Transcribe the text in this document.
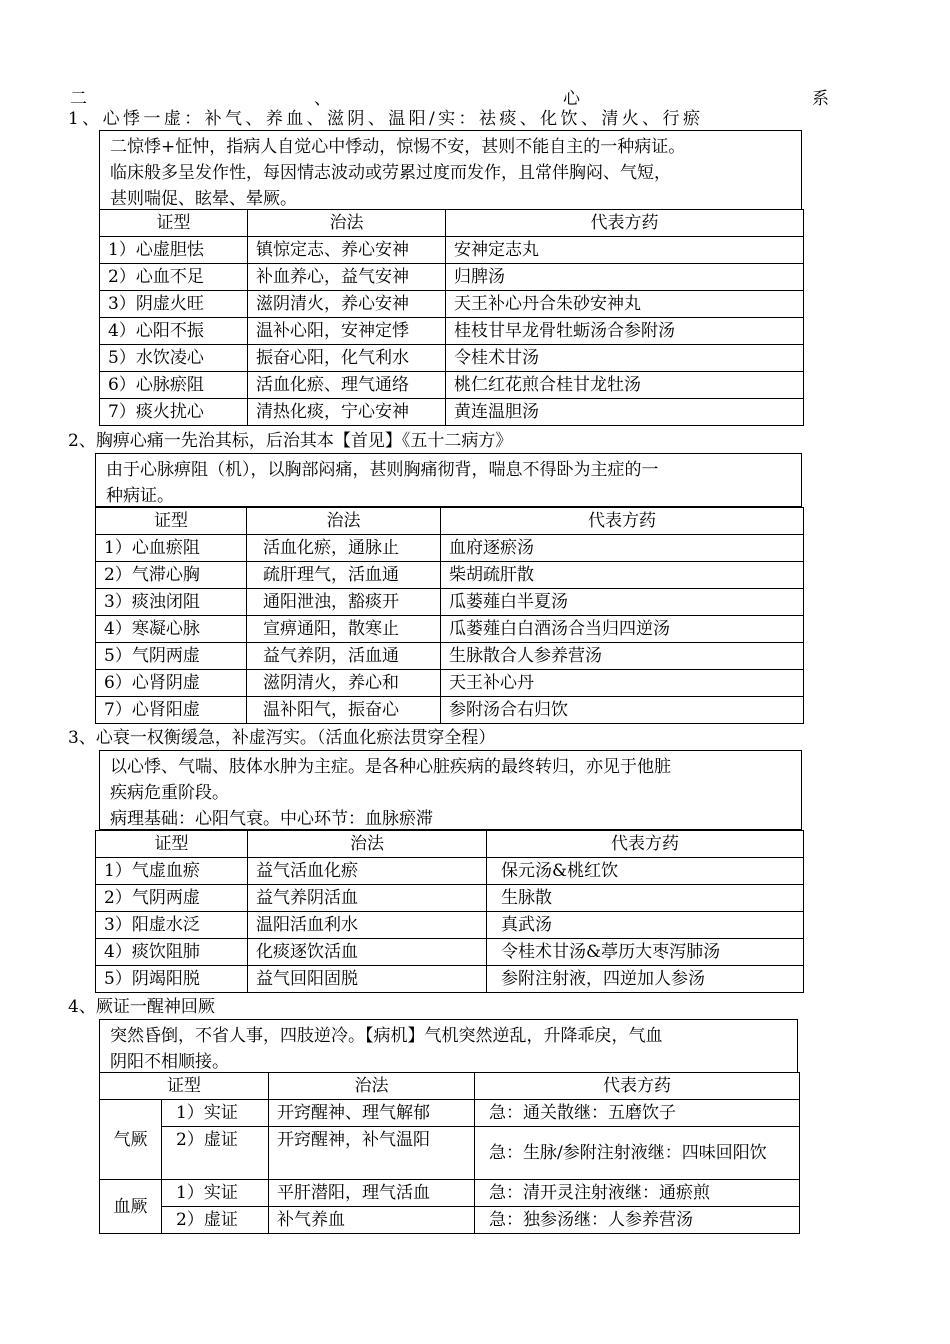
二	、	心	系
1、心悸一虚：补气、养血、滋阴、温阳/实：祛痰、化饮、清火、行瘀
二惊悸+怔忡，指病人自觉心中悸动，惊惕不安，甚则不能自主的一种病证。
临床般多呈发作性，每因情志波动或劳累过度而发作，且常伴胸闷、气短，
甚则喘促、眩晕、晕厥。
证型	治法	代表方药
1）心虚胆怯	镇惊定志、养心安神	安神定志丸
2）心血不足	补血养心，益气安神	归脾汤
3）阴虚火旺	滋阴清火，养心安神	天王补心丹合朱砂安神丸
4）心阳不振	温补心阳，安神定悸	桂枝甘早龙骨牡蛎汤合参附汤
5）水饮凌心	振奋心阳，化气利水	令桂术甘汤
6）心脉瘀阻	活血化瘀、理气通络	桃仁红花煎合桂甘龙牡汤
7）痰火扰心	清热化痰，宁心安神	黄连温胆汤
2、胸痹心痛一先治其标，后治其本【首见】《五十二病方》
由于心脉痹阻（机），以胸部闷痛，甚则胸痛彻背，喘息不得卧为主症的一
种病证。
证型	治法	代表方药
1）心血瘀阻	活血化瘀，通脉止	血府逐瘀汤
2）气滞心胸	疏肝理气，活血通	柴胡疏肝散
3）痰浊闭阻	通阳泄浊，豁痰开	瓜蒌薤白半夏汤
4）寒凝心脉	宣痹通阳，散寒止	瓜蒌薤白白酒汤合当归四逆汤
5）气阴两虚	益气养阴，活血通	生脉散合人参养营汤
6）心肾阴虚	滋阴清火，养心和	天王补心丹
7）心肾阳虚	温补阳气，振奋心	参附汤合右归饮
3、心衰一权衡缓急，补虚泻实。（活血化瘀法贯穿全程）
以心悸、气喘、肢体水肿为主症。是各种心脏疾病的最终转归，亦见于他脏
疾病危重阶段。
病理基础：心阳气衰。中心环节：血脉瘀滞
证型	治法	代表方药
1）气虚血瘀	益气活血化瘀	保元汤&桃红饮
2）气阴两虚	益气养阴活血	生脉散
3）阳虚水泛	温阳活血利水	真武汤
4）痰饮阻肺	化痰逐饮活血	令桂术甘汤&葶历大枣泻肺汤
5）阴竭阳脱	益气回阳固脱	参附注射液，四逆加人参汤
4、厥证一醒神回厥
突然昏倒，不省人事，四肢逆冷。【病机】气机突然逆乱，升降乖戾，气血
阴阳不相顺接。
证型		治法	代表方药
气厥	1）实证	开窍醒神、理气解郁	急：通关散继：五磨饮子
	2）虚证	开窍醒神，补气温阳	急：生脉/参附注射液继：四味回阳饮
血厥	1）实证	平肝潜阳，理气活血	急：清开灵注射液继：通瘀煎
	2）虚证	补气养血	急：独参汤继：人参养营汤
